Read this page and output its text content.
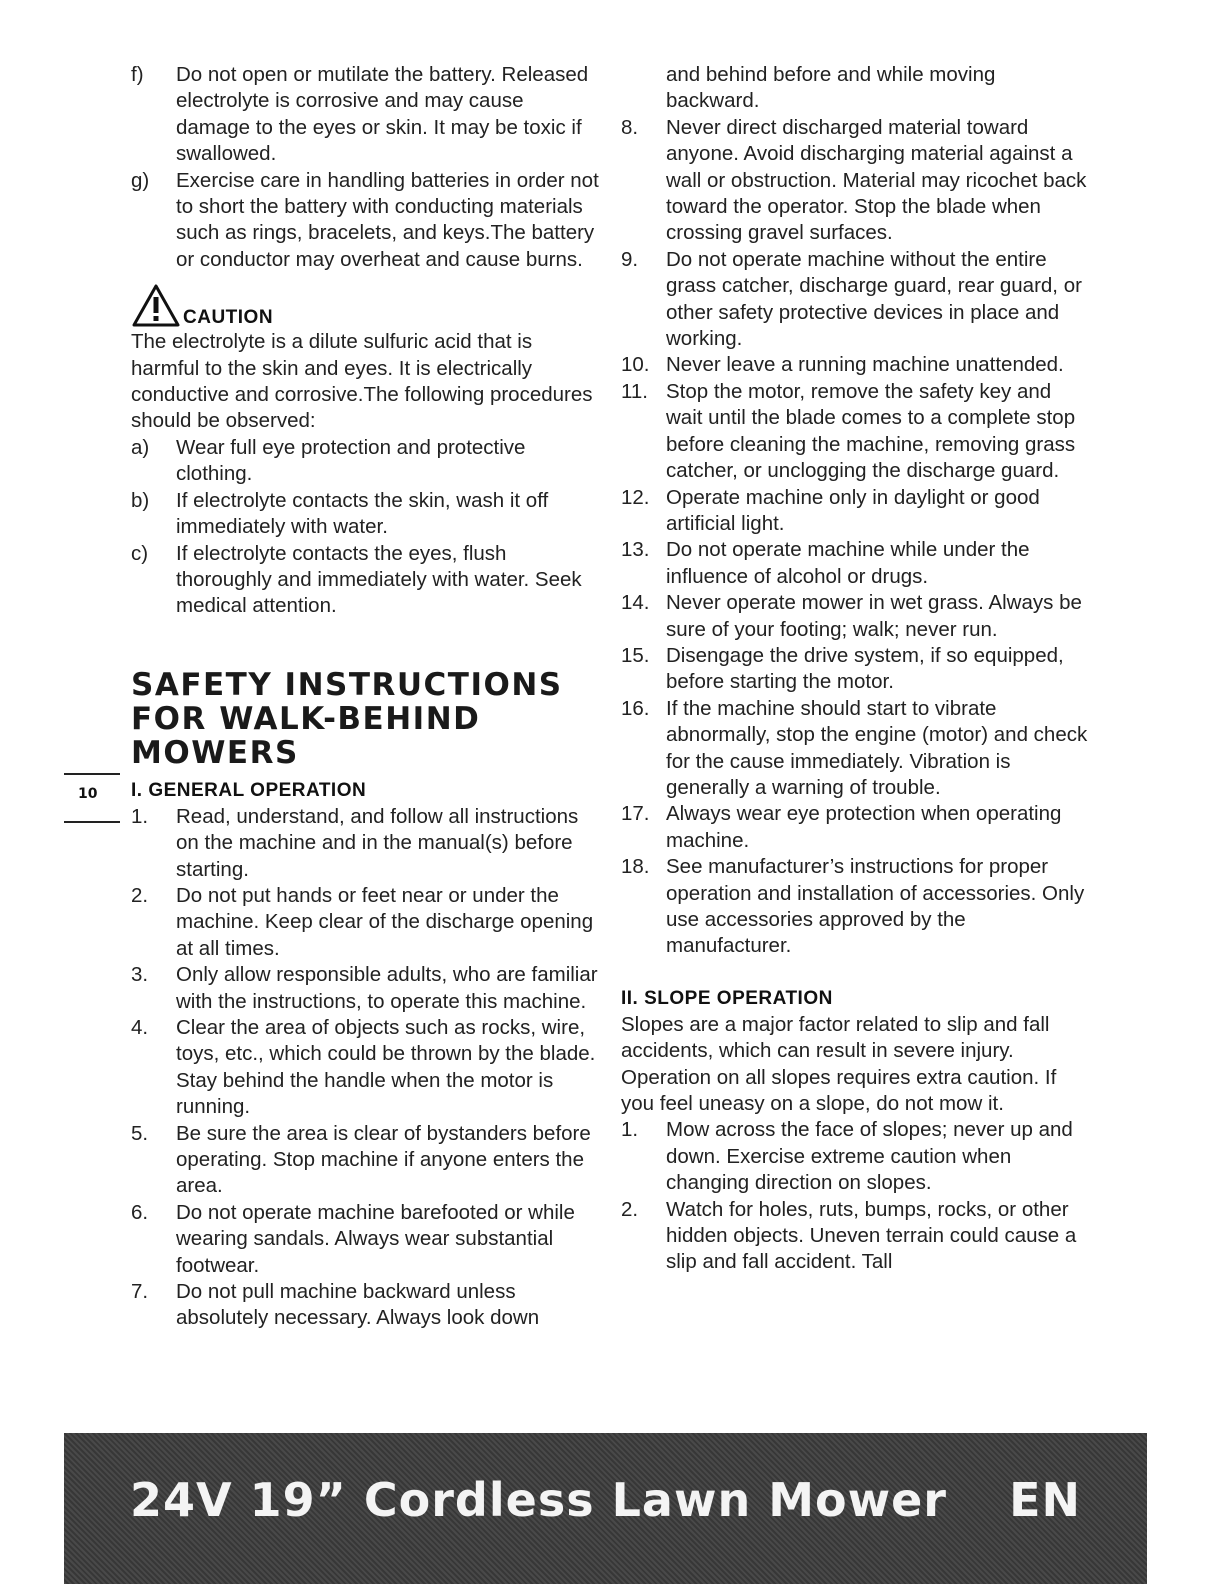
f)	Do not open or mutilate the battery. Released electrolyte is corrosive and may cause damage to the eyes or skin. It may be toxic if swallowed.
g)	Exercise care in handling batteries in order not to short the battery with conducting materials such as rings, bracelets, and keys.The battery or conductor may overheat and cause burns.
CAUTION

The electrolyte is a dilute sulfuric acid that is harmful to the skin and eyes. It is electrically conductive and corrosive.The following procedures should be observed:

a)	Wear full eye protection and protective clothing.
b)	If electrolyte contacts the skin, wash it off immediately with water.
c)	If electrolyte contacts the eyes, flush thoroughly and immediately with water. Seek medical attention.

SAFETY INSTRUCTIONS

FOR WALK-BEHIND

MOWERS

I. GENERAL OPERATION
1.	Read, understand, and follow all instructions on the machine and in the manual(s) before starting.
2.	Do not put hands or feet near or under the machine. Keep clear of the discharge opening at all times.
3.	Only allow responsible adults, who are familiar with the instructions, to operate this machine.
4.	Clear the area of objects such as rocks, wire, toys, etc., which could be thrown by the blade. Stay behind the handle when the motor is running.
5.	Be sure the area is clear of bystanders before operating. Stop machine if anyone enters the area.
6.	Do not operate machine barefooted or while wearing sandals. Always wear substantial footwear.
7.	Do not pull machine backward unless absolutely necessary. Always look down
and behind before and while moving backward.
8.	Never direct discharged material toward anyone. Avoid discharging material against a wall or obstruction. Material may ricochet back toward the operator. Stop the blade when crossing gravel surfaces.
9.	Do not operate machine without the entire grass catcher, discharge guard, rear guard, or other safety protective devices in place and working.
10. Never leave a running machine unattended.
11. Stop the motor, remove the safety key and wait until the blade comes to a complete stop before cleaning the machine, removing grass catcher, or unclogging the discharge guard.
12. Operate machine only in daylight or good artificial light.
13. Do not operate machine while under the influence of alcohol or drugs.
14. Never operate mower in wet grass. Always be sure of your footing; walk; never run.
15. Disengage the drive system, if so equipped, before starting the motor.
16. If the machine should start to vibrate abnormally, stop the engine (motor) and check for the cause immediately. Vibration is generally a warning of trouble.
17. Always wear eye protection when operating machine.
18. See manufacturer’s instructions for proper operation and installation of accessories. Only use accessories approved by the manufacturer.
II. SLOPE OPERATION

Slopes are a major factor related to slip and fall accidents, which can result in severe injury. Operation on all slopes requires extra caution. If you feel uneasy on a slope, do not mow it.

1.	Mow across the face of slopes; never up and down. Exercise extreme caution when changing direction on slopes.
2.	Watch for holes, ruts, bumps, rocks, or other hidden objects. Uneven terrain could cause a slip and fall accident. Tall
10
24V 19” Cordless Lawn Mower EN
